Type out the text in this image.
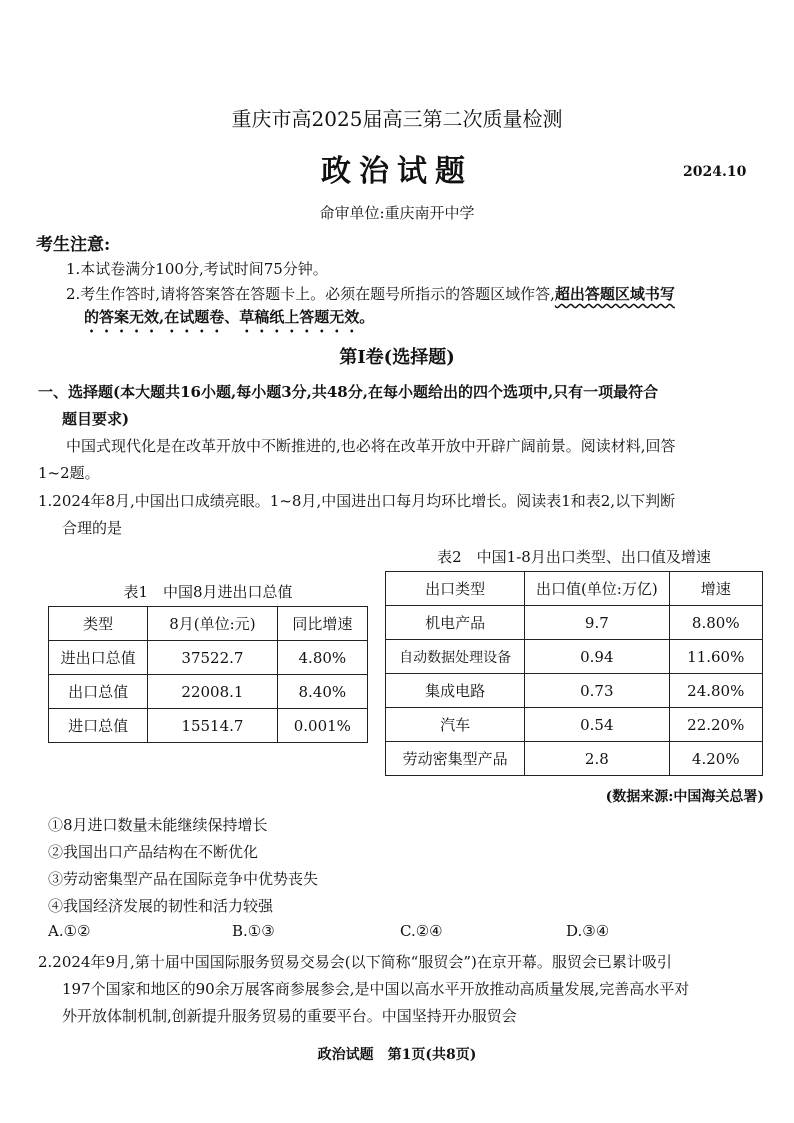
重庆市高2025届高三第二次质量检测
政治试题	2024.10
命审单位:重庆南开中学
考生注意:
1.本试卷满分100分,考试时间75分钟。
2.考生作答时,请将答案答在答题卡上。必须在题号所指示的答题区域作答,超出答题区域书写
的答案无效,在试题卷、草稿纸上答题无效。
第Ⅰ卷(选择题)
一、选择题(本大题共16小题,每小题3分,共48分,在每小题给出的四个选项中,只有一项最符合
题目要求)
中国式现代化是在改革开放中不断推进的,也必将在改革开放中开辟广阔前景。阅读材料,回答
1~2题。
1.2024年8月,中国出口成绩亮眼。1~8月,中国进出口每月均环比增长。阅读表1和表2,以下判断
合理的是
表2　中国1-8月出口类型、出口值及增速
表1　中国8月进出口总值
类型	8月(单位:元)	同比增速
进出口总值	37522.7	4.80%
出口总值	22008.1	8.40%
进口总值	15514.7	0.001%
出口类型	出口值(单位:万亿)	增速
机电产品	9.7	8.80%
自动数据处理设备	0.94	11.60%
集成电路	0.73	24.80%
汽车	0.54	22.20%
劳动密集型产品	2.8	4.20%
(数据来源:中国海关总署)
①8月进口数量未能继续保持增长
②我国出口产品结构在不断优化
③劳动密集型产品在国际竞争中优势丧失
④我国经济发展的韧性和活力较强
A.①②	B.①③	C.②④	D.③④
2.2024年9月,第十届中国国际服务贸易交易会(以下简称“服贸会”)在京开幕。服贸会已累计吸引
197个国家和地区的90余万展客商参展参会,是中国以高水平开放推动高质量发展,完善高水平对
外开放体制机制,创新提升服务贸易的重要平台。中国坚持开办服贸会
政治试题　第1页(共8页)
